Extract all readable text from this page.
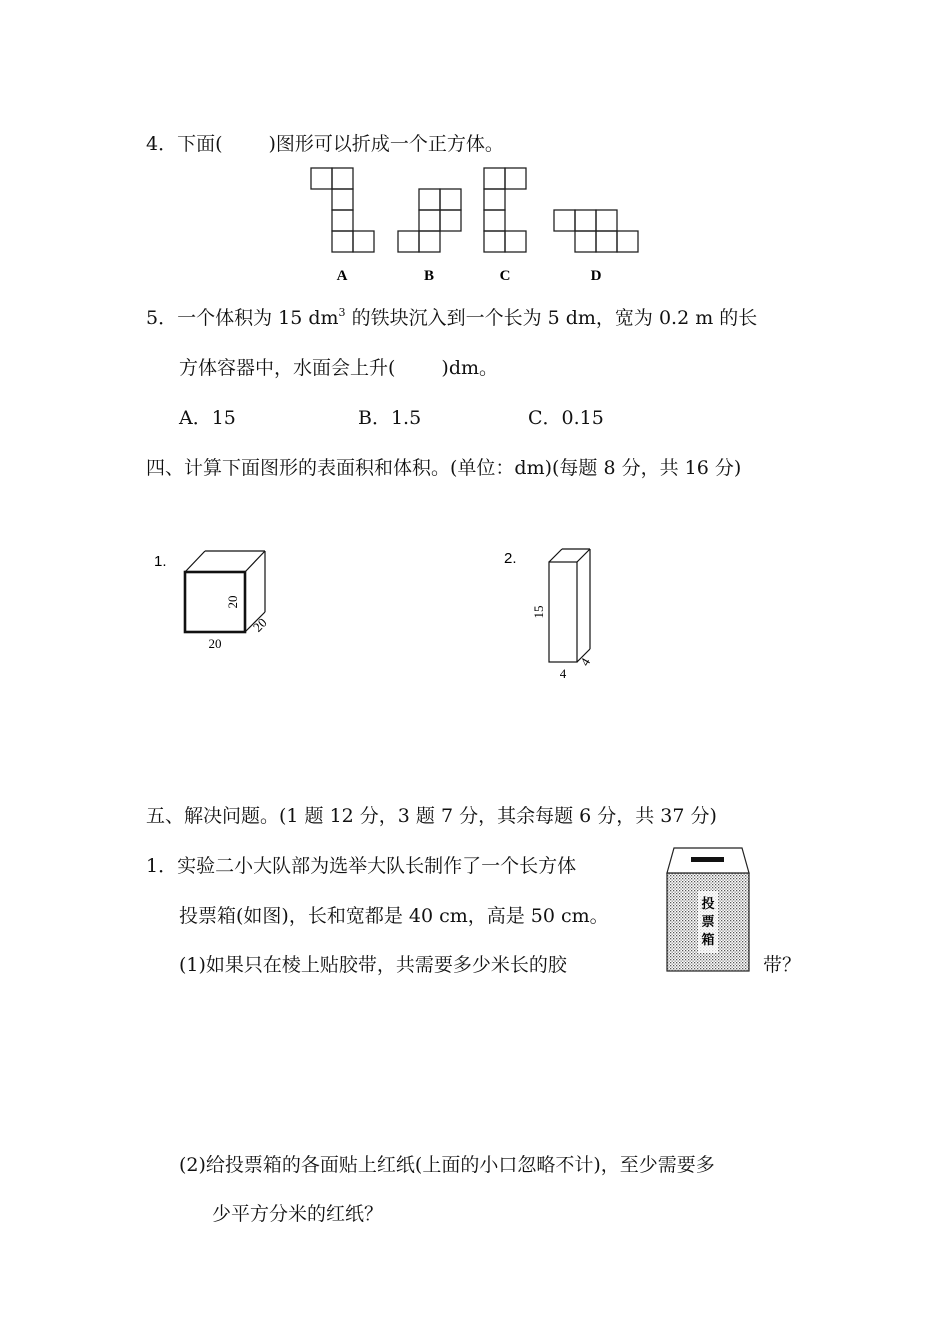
4．下面( )图形可以折成一个正方体。
A	B	C	D
5．一个体积为 15 $dm^3$ 的铁块沉入到一个长为 5 dm，宽为 0.2 m 的长
方体容器中，水面会上升( )dm。
A．15	B．1.5	C．0.15
四、计算下面图形的表面积和体积。(单位：dm)(每题 8 分，共 16 分)
1.
20
20
20
2.
15
4
4
五、解决问题。(1 题 12 分，3 题 7 分，其余每题 6 分，共 37 分)
1．实验二小大队部为选举大队长制作了一个长方体
投票箱(如图)，长和宽都是 40 cm，高是 50 cm。
(1)如果只在棱上贴胶带，共需要多少米长的胶	带？
投
票
箱
(2)给投票箱的各面贴上红纸(上面的小口忽略不计)，至少需要多
少平方分米的红纸？
